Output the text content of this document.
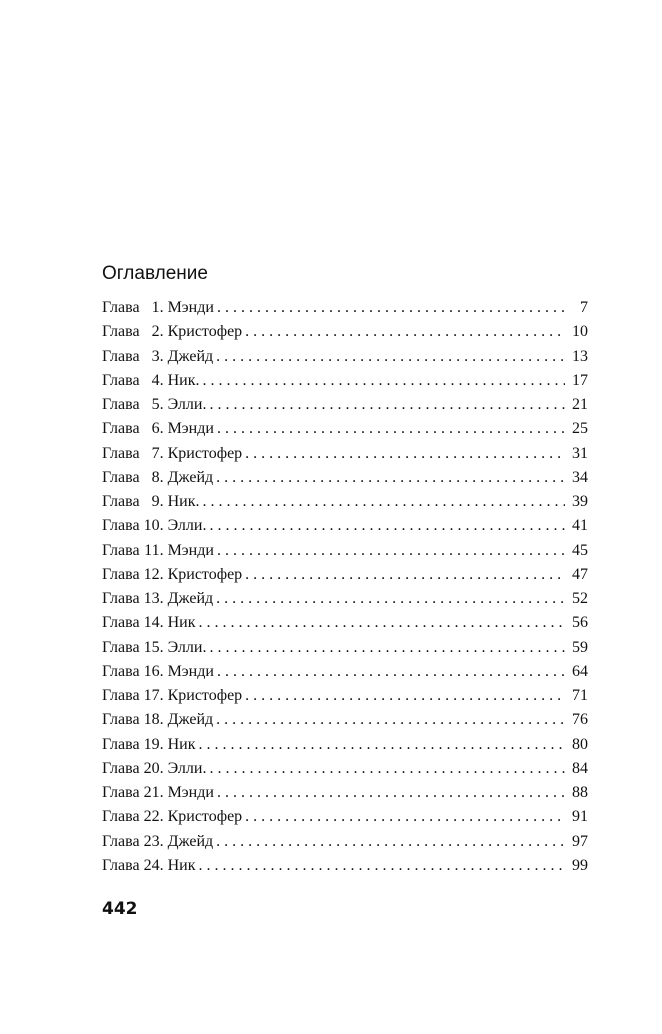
Оглавление
Глава 1. Мэнди . . .	7
Глава 2. Кристофер . . .	10
Глава 3. Джейд . . .	13
Глава 4. Ник. . . .	17
Глава 5. Элли. . . .	21
Глава 6. Мэнди . . .	25
Глава 7. Кристофер . . .	31
Глава 8. Джейд . . .	34
Глава 9. Ник. . . .	39
Глава 10. Элли. . . .	41
Глава 11. Мэнди . . .	45
Глава 12. Кристофер . . .	47
Глава 13. Джейд . . .	52
Глава 14. Ник . . .	56
Глава 15. Элли. . . .	59
Глава 16. Мэнди . . .	64
Глава 17. Кристофер . . .	71
Глава 18. Джейд . . .	76
Глава 19. Ник . . .	80
Глава 20. Элли. . . .	84
Глава 21. Мэнди . . .	88
Глава 22. Кристофер . . .	91
Глава 23. Джейд . . .	97
Глава 24. Ник . . .	99
442
